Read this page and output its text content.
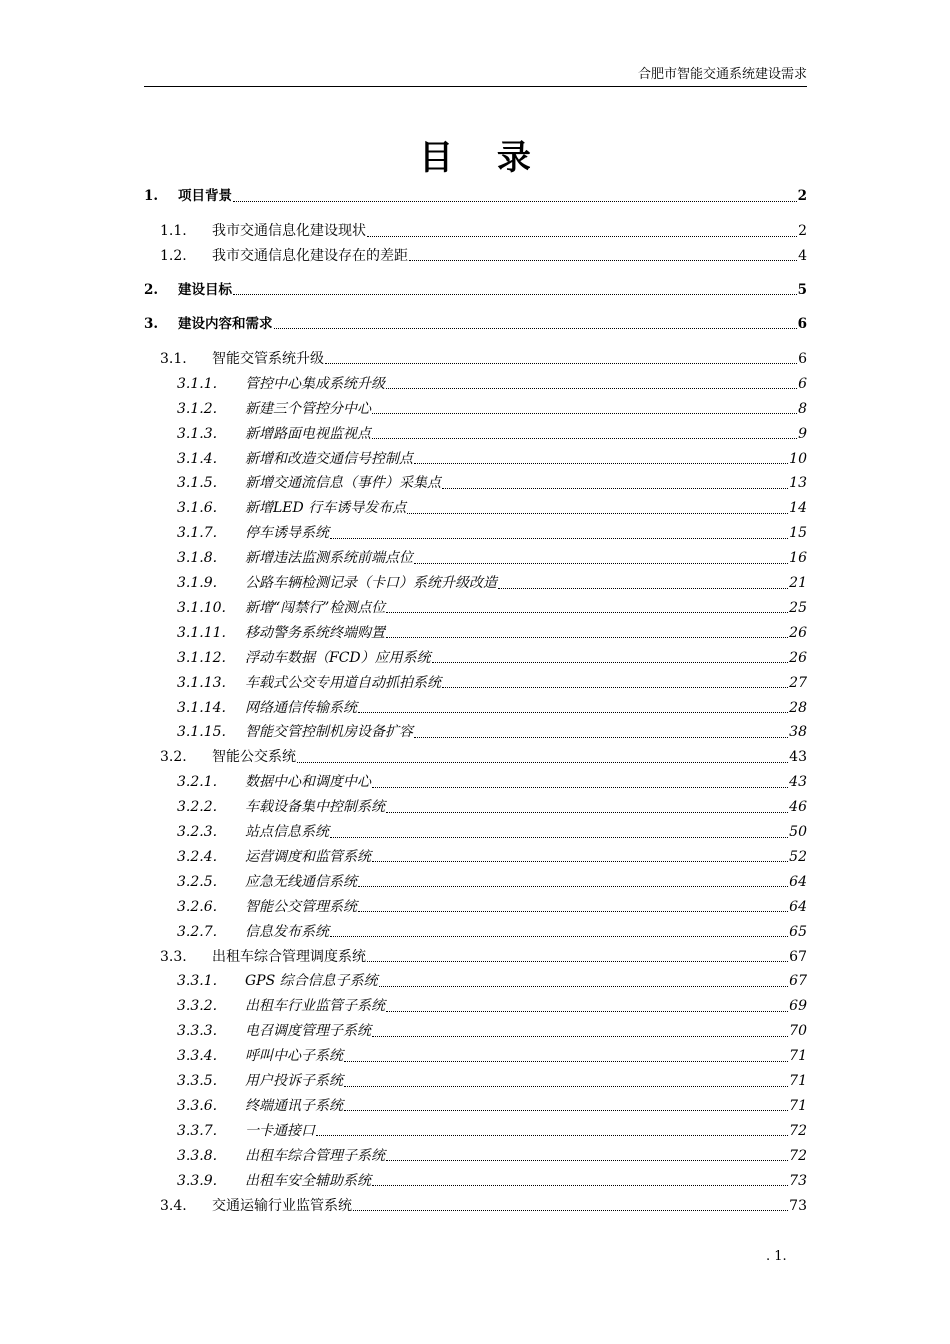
合肥市智能交通系统建设需求
目 录
1.	项目背景	2
1.1.	我市交通信息化建设现状	2
1.2.	我市交通信息化建设存在的差距	4
2.	建设目标	5
3.	建设内容和需求	6
3.1.	智能交管系统升级	6
3.1.1.	管控中心集成系统升级	6
3.1.2.	新建三个管控分中心	8
3.1.3.	新增路面电视监视点	9
3.1.4.	新增和改造交通信号控制点	10
3.1.5.	新增交通流信息（事件）采集点	13
3.1.6.	新增LED 行车诱导发布点	14
3.1.7.	停车诱导系统	15
3.1.8.	新增违法监测系统前端点位	16
3.1.9.	公路车辆检测记录（卡口）系统升级改造	21
3.1.10.	新增“闯禁行”检测点位	25
3.1.11.	移动警务系统终端购置	26
3.1.12.	浮动车数据（FCD）应用系统	26
3.1.13.	车载式公交专用道自动抓拍系统	27
3.1.14.	网络通信传输系统	28
3.1.15.	智能交管控制机房设备扩容	38
3.2.	智能公交系统	43
3.2.1.	数据中心和调度中心	43
3.2.2.	车载设备集中控制系统	46
3.2.3.	站点信息系统	50
3.2.4.	运营调度和监管系统	52
3.2.5.	应急无线通信系统	64
3.2.6.	智能公交管理系统	64
3.2.7.	信息发布系统	65
3.3.	出租车综合管理调度系统	67
3.3.1.	GPS 综合信息子系统	67
3.3.2.	出租车行业监管子系统	69
3.3.3.	电召调度管理子系统	70
3.3.4.	呼叫中心子系统	71
3.3.5.	用户投诉子系统	71
3.3.6.	终端通讯子系统	71
3.3.7.	一卡通接口	72
3.3.8.	出租车综合管理子系统	72
3.3.9.	出租车安全辅助系统	73
3.4.	交通运输行业监管系统	73
. 1.
